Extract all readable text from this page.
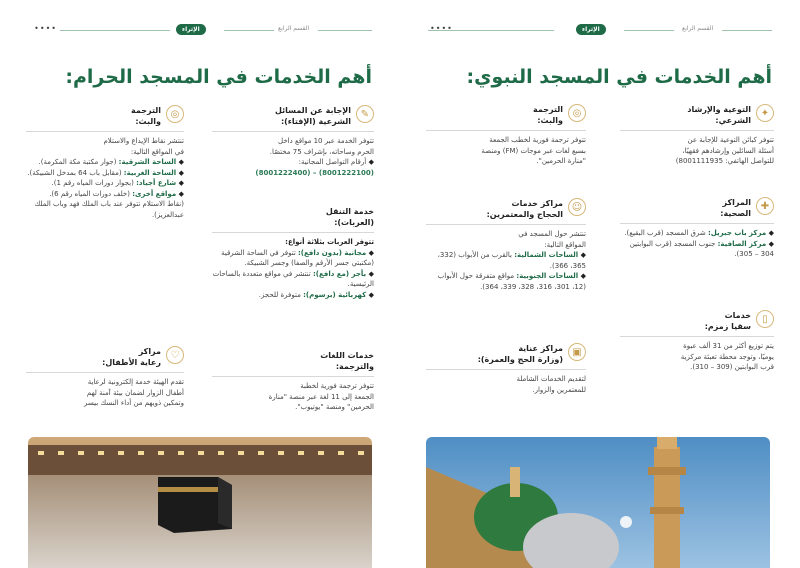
••••	الإثراء	القسم الرابع
أهم الخدمات في المسجد الحرام:
الترجمة
والبث:
◎
تنتشر نقاط الإيداع والاستلام
في المواقع التالية:
◆ الساحة الشرقية: (جوار مكتبة مكة المكرمة).
◆ الساحة الغربية: (مقابل باب 64 بمدخل الشبيكة).
◆ شارع أجياد: (بجوار دورات المياه رقم 1).
◆ مواقع أخرى: (خلف دورات المياه رقم 6).
(نقاط الاستلام تتوفر عند باب الملك فهد وباب الملك عبدالعزيز).
الإجابة عن المسائل
الشرعية (الإفتاء):
✎
تتوفر الخدمة عبر 10 مواقع داخل
الحرم وساحاته، بإشراف 75 مختصًا.
◆ أرقام التواصل المجانية:
(8001222100) – (8001222400)
خدمة التنقل
(العربات):
تتوفر العربات بثلاثة أنواع:
◆ مجانية (بدون دافع): تتوفر في الساحة الشرقية (مكتبتي جسر الأرقم والصفا) وجسر الشبيكة.
◆ بأجر (مع دافع): تنتشر في مواقع متعددة بالساحات الرئيسية.
◆ كهربائية (برسوم): متوفرة للحجز.
مراكز
رعاية الأطفال:
♡
تقدم الهيئة خدمة إلكترونية لرعاية
أطفال الزوار لضمان بيئة آمنة لهم
وتمكين ذويهم من أداء النسك بيسر
خدمات اللغات
والترجمة:
تتوفر ترجمة فورية لخطبة
الجمعة إلى 11 لغة عبر منصة "منارة
الحرمين" ومنصة "يوتيوب".
••••	الإثراء	القسم الرابع
أهم الخدمات في المسجد النبوي:
التوعية والإرشاد
الشرعي:
✦
تتوفر كبائن التوعية للإجابة عن
أسئلة السائلين وإرشادهم فقهيًا،
للتواصل الهاتفي: 8001111935)
الترجمة
والبث:
◎
تتوفر ترجمة فورية لخطب الجمعة
بسبع لغات عبر موجات (FM) ومنصة
"منارة الحرمين".
المراكز
الصحية:
✚
◆ مركز باب جبريل: شرق المسجد (قرب البقيع).
◆ مركز الصافية: جنوب المسجد (قرب البوابتين 304 – 305).
مراكز خدمات
الحجاج والمعتمرين:
☺
تنتشر حول المسجد في
المواقع التالية:
◆ الساحات الشمالية: بالقرب من الأبواب (332، 365، 366).
◆ الساحات الجنوبية: مواقع متفرقة حول الأبواب (12، 301، 316، 328، 339، 364).
خدمات
سقيا زمزم:
▯
يتم توزيع أكثر من 31 ألف عبوة
يوميًا، وتوجد محطة تعبئة مركزية
قرب البوابتين (309 – 310).
مراكز عناية
(وزارة الحج والعمرة):
▣
لتقديم الخدمات الشاملة
للمعتمرين والزوار.
